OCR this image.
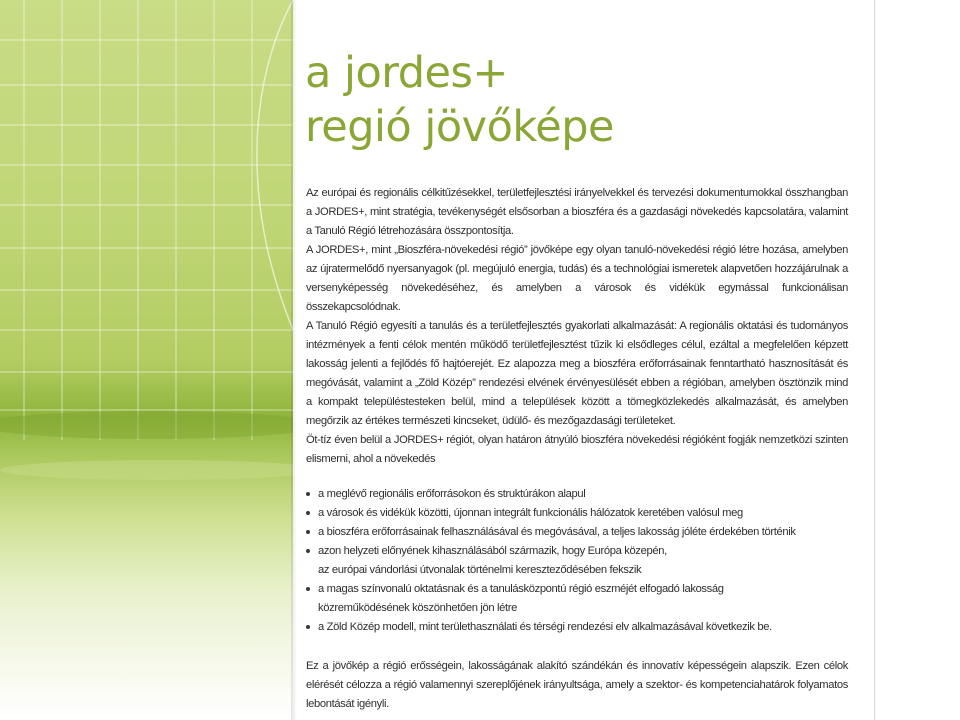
a jordes+
regió jövőképe

Az európai és regionális célkitűzésekkel, területfejlesztési irányelvekkel és tervezési dokumentumokkal összhangban a JORDES+, mint stratégia, tevékenységét elsősorban a bioszféra és a gazdasági növekedés kapcsolatára, valamint a Tanuló Régió létrehozására összpontosítja.

A JORDES+, mint „Bioszféra-növekedési régió” jövőképe egy olyan tanuló-növekedési régió létre hozása, amelyben az újratermelődő nyersanyagok (pl. megújuló energia, tudás) és a technológiai ismeretek alapvetően hozzájárulnak a versenyképesség növekedéséhez, és amelyben a városok és vidékük egymással funkcionálisan összekapcsolódnak.

A Tanuló Régió egyesíti a tanulás és a területfejlesztés gyakorlati alkalmazását: A regionális oktatási és tudományos intézmények a fenti célok mentén működő területfejlesztést tűzik ki elsődleges célul, ezáltal a megfelelően képzett lakosság jelenti a fejlődés fő hajtóerejét. Ez alapozza meg a bioszféra erőforrásainak fenntartható hasznosítását és megóvását, valamint a „Zöld Közép” rendezési elvének érvényesülését ebben a régióban, amelyben ösztönzik mind a kompakt településtesteken belül, mind a települések között a tömegközlekedés alkalmazását, és amelyben megőrzik az értékes természeti kincseket, üdülő- és mezőgazdasági területeket.

Öt-tíz éven belül a JORDES+ régiót, olyan határon átnyúló bioszféra növekedési régióként fogják nemzetközi szinten elismerni, ahol a növekedés

a meglévő regionális erőforrásokon és struktúrákon alapul
a városok és vidékük közötti, újonnan integrált funkcionális hálózatok keretében valósul meg
a bioszféra erőforrásainak felhasználásával és megóvásával, a teljes lakosság jóléte érdekében történik
azon helyzeti előnyének kihasználásából származik, hogy Európa közepén,
az európai vándorlási útvonalak történelmi kereszteződésében fekszik
a magas színvonalú oktatásnak és a tanulásközpontú régió eszméjét elfogadó lakosság
közreműködésének köszönhetően jön létre
a Zöld Közép modell, mint területhasználati és térségi rendezési elv alkalmazásával következik be.

Ez a jövőkép a régió erősségein, lakosságának alakító szándékán és innovatív képességein alapszik. Ezen célok elérését célozza a régió valamennyi szereplőjének irányultsága, amely a szektor- és kompetenciahatárok folyamatos lebontását igényli.
